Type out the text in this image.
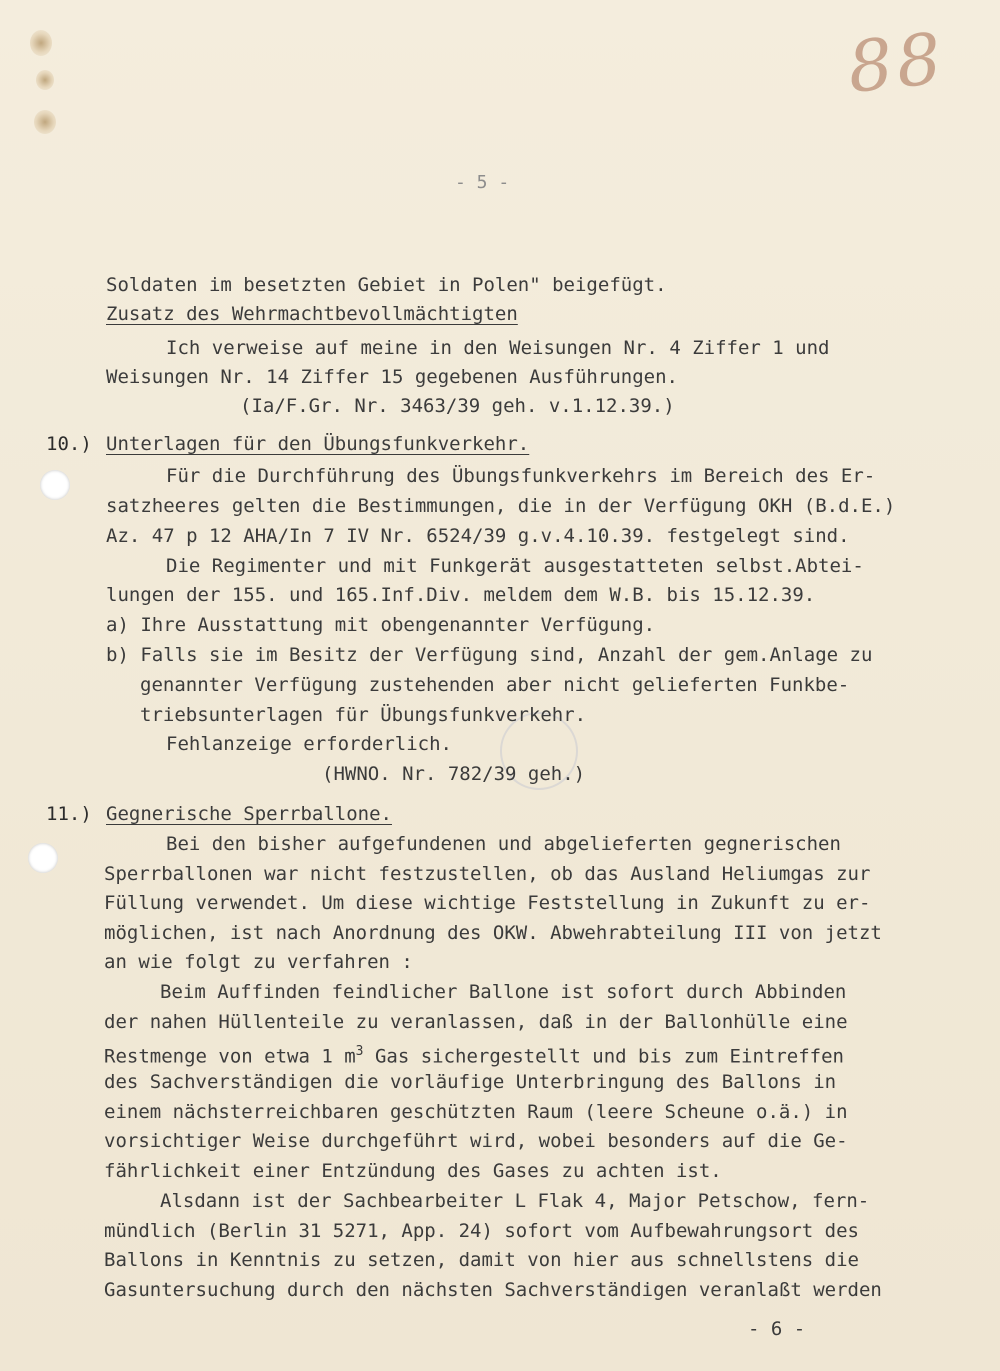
88
- 5 -
Soldaten im besetzten Gebiet in Polen" beigefügt.
Zusatz des Wehrmachtbevollmächtigten
Ich verweise auf meine in den Weisungen Nr. 4 Ziffer 1 und
Weisungen Nr. 14 Ziffer 15 gegebenen Ausführungen.
(Ia/F.Gr. Nr. 3463/39 geh. v.1.12.39.)
10.) Unterlagen für den Übungsfunkverkehr.
Für die Durchführung des Übungsfunkverkehrs im Bereich des Er-
satzheeres gelten die Bestimmungen, die in der Verfügung OKH (B.d.E.)
Az. 47 p 12 AHA/In 7 IV Nr. 6524/39 g.v.4.10.39. festgelegt sind.
Die Regimenter und mit Funkgerät ausgestatteten selbst.Abtei-
lungen der 155. und 165.Inf.Div. meldem dem W.B. bis 15.12.39.
a) Ihre Ausstattung mit obengenannter Verfügung.
b) Falls sie im Besitz der Verfügung sind, Anzahl der gem.Anlage zu
genannter Verfügung zustehenden aber nicht gelieferten Funkbe-
triebsunterlagen für Übungsfunkverkehr.
Fehlanzeige erforderlich.
(HWNO. Nr. 782/39 geh.)
11.) Gegnerische Sperrballone.
Bei den bisher aufgefundenen und abgelieferten gegnerischen
Sperrballonen war nicht festzustellen, ob das Ausland Heliumgas zur
Füllung verwendet. Um diese wichtige Feststellung in Zukunft zu er-
möglichen, ist nach Anordnung des OKW. Abwehrabteilung III von jetzt
an wie folgt zu verfahren :
Beim Auffinden feindlicher Ballone ist sofort durch Abbinden
der nahen Hüllenteile zu veranlassen, daß in der Ballonhülle eine
Restmenge von etwa 1 $m^3$ Gas sichergestellt und bis zum Eintreffen
des Sachverständigen die vorläufige Unterbringung des Ballons in
einem nächsterreichbaren geschützten Raum (leere Scheune o.ä.) in
vorsichtiger Weise durchgeführt wird, wobei besonders auf die Ge-
fährlichkeit einer Entzündung des Gases zu achten ist.
Alsdann ist der Sachbearbeiter L Flak 4, Major Petschow, fern-
mündlich (Berlin 31 5271, App. 24) sofort vom Aufbewahrungsort des
Ballons in Kenntnis zu setzen, damit von hier aus schnellstens die
Gasuntersuchung durch den nächsten Sachverständigen veranlaßt werden
- 6 -
